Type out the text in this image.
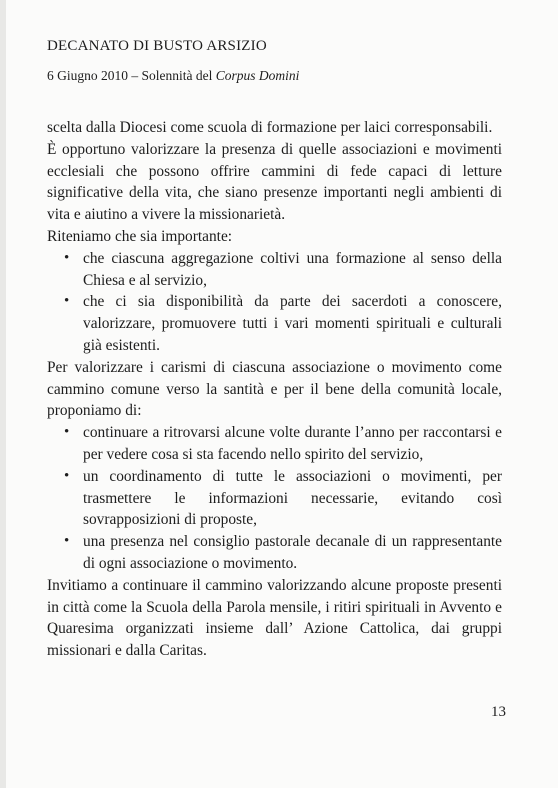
DECANATO DI BUSTO ARSIZIO
6 Giugno 2010 – Solennità del Corpus Domini

scelta dalla Diocesi come scuola di formazione per laici corresponsabili.

È opportuno valorizzare la presenza di quelle associazioni e movimenti ecclesiali che possono offrire cammini di fede capaci di letture significative della vita, che siano presenze importanti negli ambienti di vita e aiutino a vivere la missionarietà.

Riteniamo che sia importante:

• che ciascuna aggregazione coltivi una formazione al senso della Chiesa e al servizio,
• che ci sia disponibilità da parte dei sacerdoti a conoscere, valorizzare, promuovere tutti i vari momenti spirituali e culturali già esistenti.

Per valorizzare i carismi di ciascuna associazione o movimento come cammino comune verso la santità e per il bene della comunità locale, proponiamo di:

• continuare a ritrovarsi alcune volte durante l’anno per raccontarsi e per vedere cosa si sta facendo nello spirito del servizio,
• un coordinamento di tutte le associazioni o movimenti, per trasmettere le informazioni necessarie, evitando così sovrapposizioni di proposte,
• una presenza nel consiglio pastorale decanale di un rappresentante di ogni associazione o movimento.

Invitiamo a continuare il cammino valorizzando alcune proposte presenti in città come la Scuola della Parola mensile, i ritiri spirituali in Avvento e Quaresima organizzati insieme dall’ Azione Cattolica, dai gruppi missionari e dalla Caritas.

13
